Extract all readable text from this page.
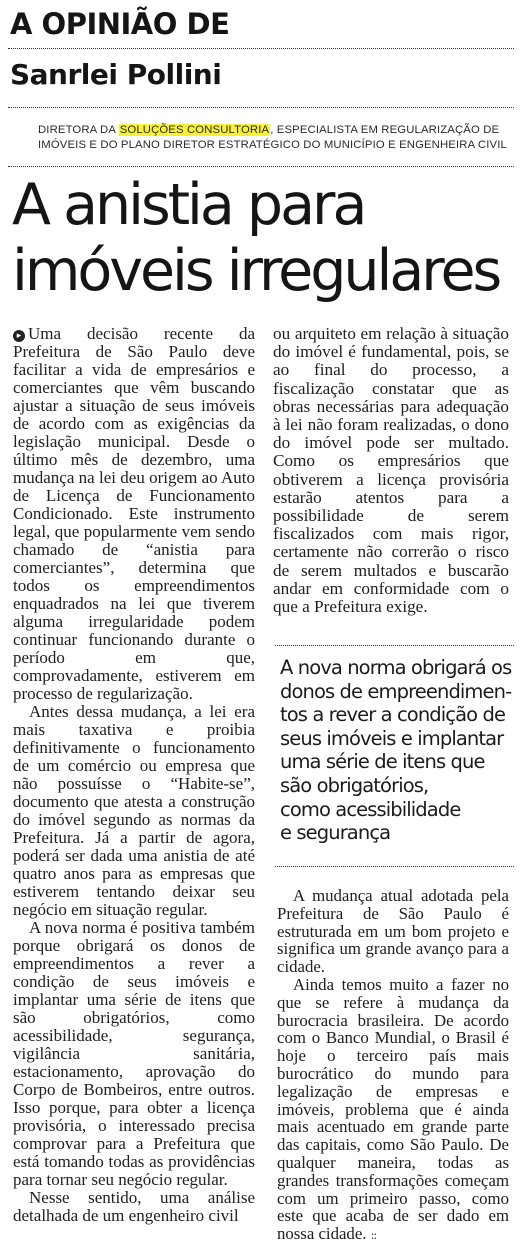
A OPINIÃO DE
Sanrlei Pollini
DIRETORA DA SOLUÇÕES CONSULTORIA, ESPECIALISTA EM REGULARIZAÇÃO DE
IMÓVEIS E DO PLANO DIRETOR ESTRATÉGICO DO MUNICÍPIO E ENGENHEIRA CIVIL
A anistia para
imóveis irregulares

▸ Uma decisão recente da Prefeitura de São Paulo deve facilitar a vida de empresários e comerciantes que vêm buscando ajustar a situação de seus imóveis de acordo com as exigências da legislação municipal. Desde o último mês de dezembro, uma mudança na lei deu origem ao Auto de Licença de Funcionamento Condicionado. Este instrumento legal, que popularmente vem sendo chamado de “anistia para comerciantes”, determina que todos os empreendimentos enquadrados na lei que tiverem alguma irregularidade podem continuar funcionando durante o período em que, comprovadamente, estiverem em processo de regularização.

Antes dessa mudança, a lei era mais taxativa e proibia definitivamente o funcionamento de um comércio ou empresa que não possuísse o “Habite-se”, documento que atesta a construção do imóvel segundo as normas da Prefeitura. Já a partir de agora, poderá ser dada uma anistia de até quatro anos para as empresas que estiverem tentando deixar seu negócio em situação regular.

A nova norma é positiva também porque obrigará os donos de empreendimentos a rever a condição de seus imóveis e implantar uma série de itens que são obrigatórios, como acessibilidade, segurança, vigilância sanitária, estacionamento, aprovação do Corpo de Bombeiros, entre outros. Isso porque, para obter a licença provisória, o interessado precisa comprovar para a Prefeitura que está tomando todas as providências para tornar seu negócio regular.

Nesse sentido, uma análise detalhada de um engenheiro civil

ou arquiteto em relação à situação do imóvel é fundamental, pois, se ao final do processo, a fiscalização constatar que as obras necessárias para adequação à lei não foram realizadas, o dono do imóvel pode ser multado. Como os empresários que obtiverem a licença provisória estarão atentos para a possibilidade de serem fiscalizados com mais rigor, certamente não correrão o risco de serem multados e buscarão andar em conformidade com o que a Prefeitura exige.

A nova norma obrigará os
donos de empreendimen-
tos a rever a condição de
seus imóveis e implantar
uma série de itens que
são obrigatórios,
como acessibilidade
e segurança

A mudança atual adotada pela Prefeitura de São Paulo é estruturada em um bom projeto e significa um grande avanço para a cidade.

Ainda temos muito a fazer no que se refere à mudança da burocracia brasileira. De acordo com o Banco Mundial, o Brasil é hoje o terceiro país mais burocrático do mundo para legalização de empresas e imóveis, problema que é ainda mais acentuado em grande parte das capitais, como São Paulo. De qualquer maneira, todas as grandes transformações começam com um primeiro passo, como este que acaba de ser dado em nossa cidade. ::
